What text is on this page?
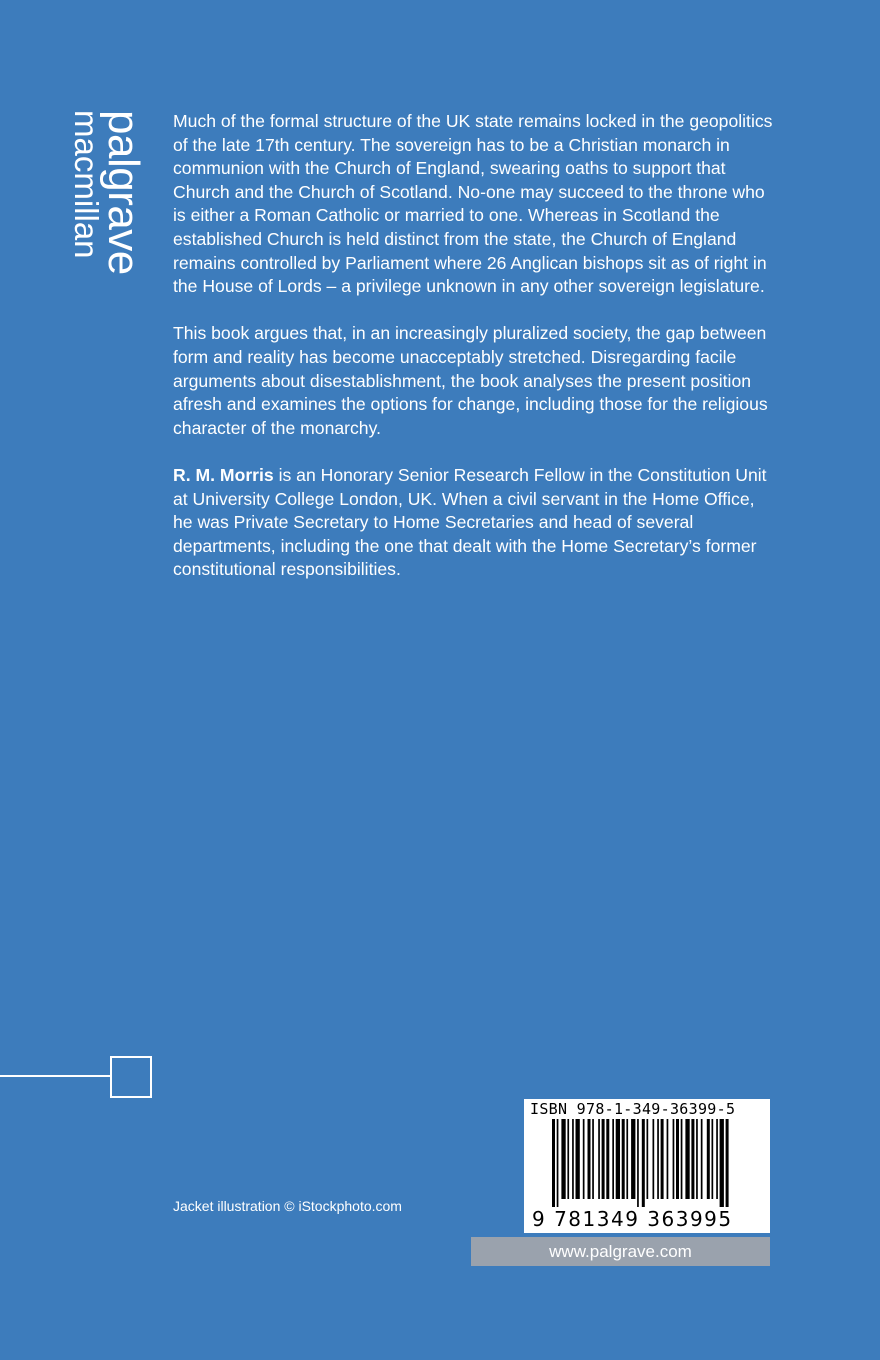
palgrave
macmillan	Much of the formal structure of the UK state remains locked in the geopolitics of the late 17th century. The sovereign has to be a Christian monarch in communion with the Church of England, swearing oaths to support that Church and the Church of Scotland. No-one may succeed to the throne who is either a Roman Catholic or married to one. Whereas in Scotland the established Church is held distinct from the state, the Church of England remains controlled by Parliament where 26 Anglican bishops sit as of right in the House of Lords – a privilege unknown in any other sovereign legislature.

This book argues that, in an increasingly pluralized society, the gap between form and reality has become unacceptably stretched. Disregarding facile arguments about disestablishment, the book analyses the present position afresh and examines the options for change, including those for the religious character of the monarchy.

R. M. Morris is an Honorary Senior Research Fellow in the Constitution Unit at University College London, UK. When a civil servant in the Home Office, he was Private Secretary to Home Secretaries and head of several departments, including the one that dealt with the Home Secretary’s former constitutional responsibilities.

Jacket illustration © iStockphoto.com
ISBN 978-1-349-36399-5
9 781349 363995
www.palgrave.com
